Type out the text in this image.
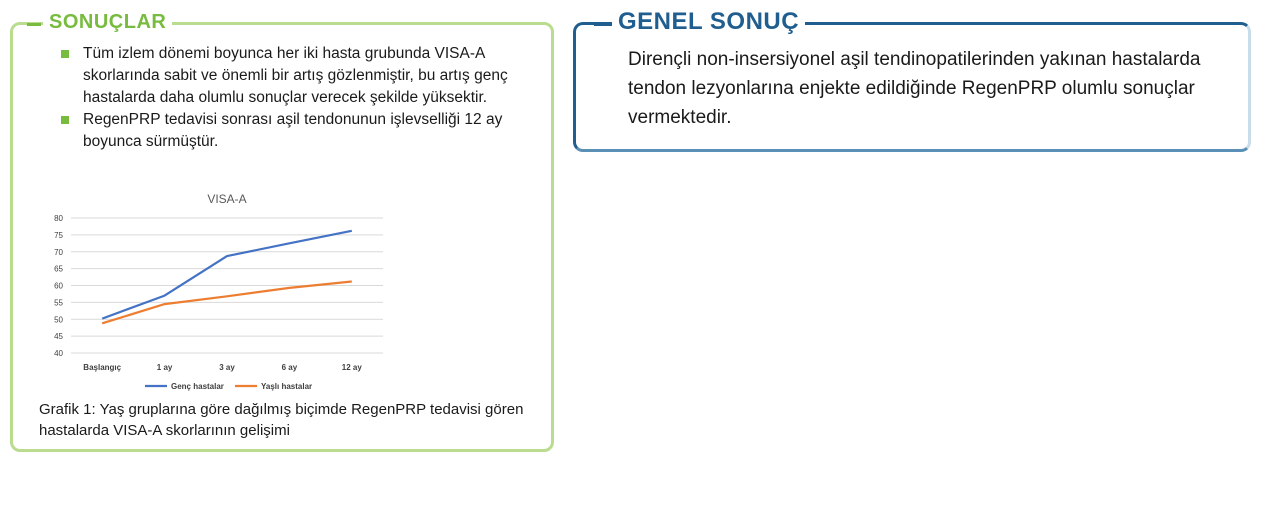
SONUÇLAR
Tüm izlem dönemi boyunca her iki hasta grubunda VISA-A skorlarında sabit ve önemli bir artış gözlenmiştir, bu artış genç hastalarda daha olumlu sonuçlar verecek şekilde yüksektir.
RegenPRP tedavisi sonrası aşil tendonunun işlevselliği 12 ay boyunca sürmüştür.
VISA-A
40
45
50
55
60
65
70
75
80
Başlangıç	1 ay	3 ay	6 ay	12 ay
Genç hastalar	Yaşlı hastalar
Grafik 1: Yaş gruplarına göre dağılmış biçimde RegenPRP tedavisi gören hastalarda VISA-A skorlarının gelişimi
GENEL SONUÇ
Dirençli non-insersiyonel aşil tendinopatilerinden yakınan hastalarda tendon lezyonlarına enjekte edildiğinde RegenPRP olumlu sonuçlar vermektedir.
